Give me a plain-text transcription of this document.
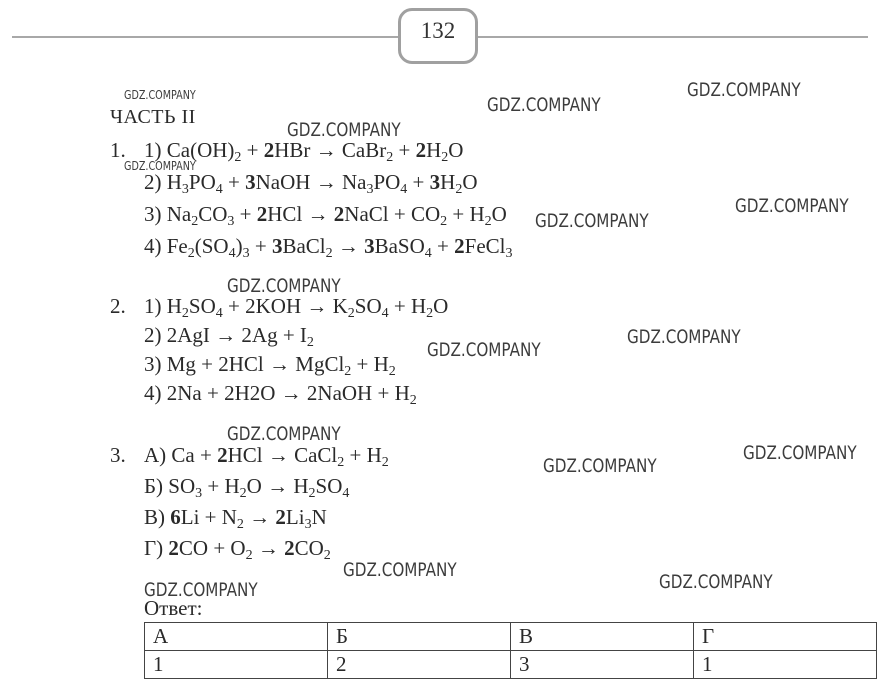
132
ЧАСТЬ II
1. 1) $Ca(OH)_2 + 2HBr$ → CaBr$_2$ + $2H_2O$
2) $H_3PO_4$ + 3NaOH → $Na_3PO_4 + 3H_2O$
3) $Na_2CO_3 + 2HCl$ → 2NaCl + $CO_2 + H_2O$
4) $Fe_2(SO_4)_3$ + 3BaCl$_2$ → 3BaSO$_4$ + 2FeCl$_3$
2. 1) $H_2SO_4 + 2KOH \to K_2SO_4 + H_2O$
2) $2AgI \to 2Ag + I_2$
3) Mg + 2HCl → MgCl$_2$ + $H_2$
4) 2Na + 2H2O → 2NaOH + $H_2$
3. А) Ca + 2HCl → CaCl$_2$ + $H_2$
Б) $SO_3 + H_2O \to H_2SO_4$
В) $6Li + N_2 \to 2Li_3N$
Г) $2CO + O_2 \to 2CO_2$
Ответ:
А	Б	В	Г
1	2	3	1
GDZ.COMPANY
GDZ.COMPANY
GDZ.COMPANY
GDZ.COMPANY
GDZ.COMPANY
GDZ.COMPANY
GDZ.COMPANY
GDZ.COMPANY
GDZ.COMPANY
GDZ.COMPANY
GDZ.COMPANY
GDZ.COMPANY
GDZ.COMPANY
GDZ.COMPANY
GDZ.COMPANY
GDZ.COMPANY
